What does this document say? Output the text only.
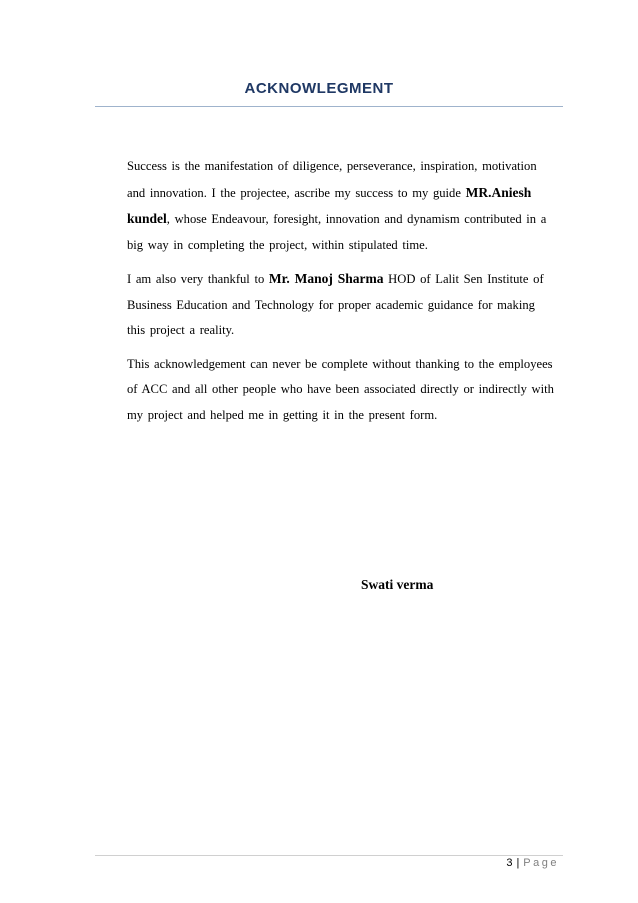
ACKNOWLEGMENT

Success is the manifestation of diligence, perseverance, inspiration, motivation and innovation. I the projectee, ascribe my success to my guide MR.Aniesh kundel, whose Endeavour, foresight, innovation and dynamism contributed in a big way in completing the project, within stipulated time.

I am also very thankful to Mr. Manoj Sharma HOD of Lalit Sen Institute of Business Education and Technology for proper academic guidance for making this project a reality.

This acknowledgement can never be complete without thanking to the employees of ACC and all other people who have been associated directly or indirectly with my project and helped me in getting it in the present form.

Swati verma

3 | Page
